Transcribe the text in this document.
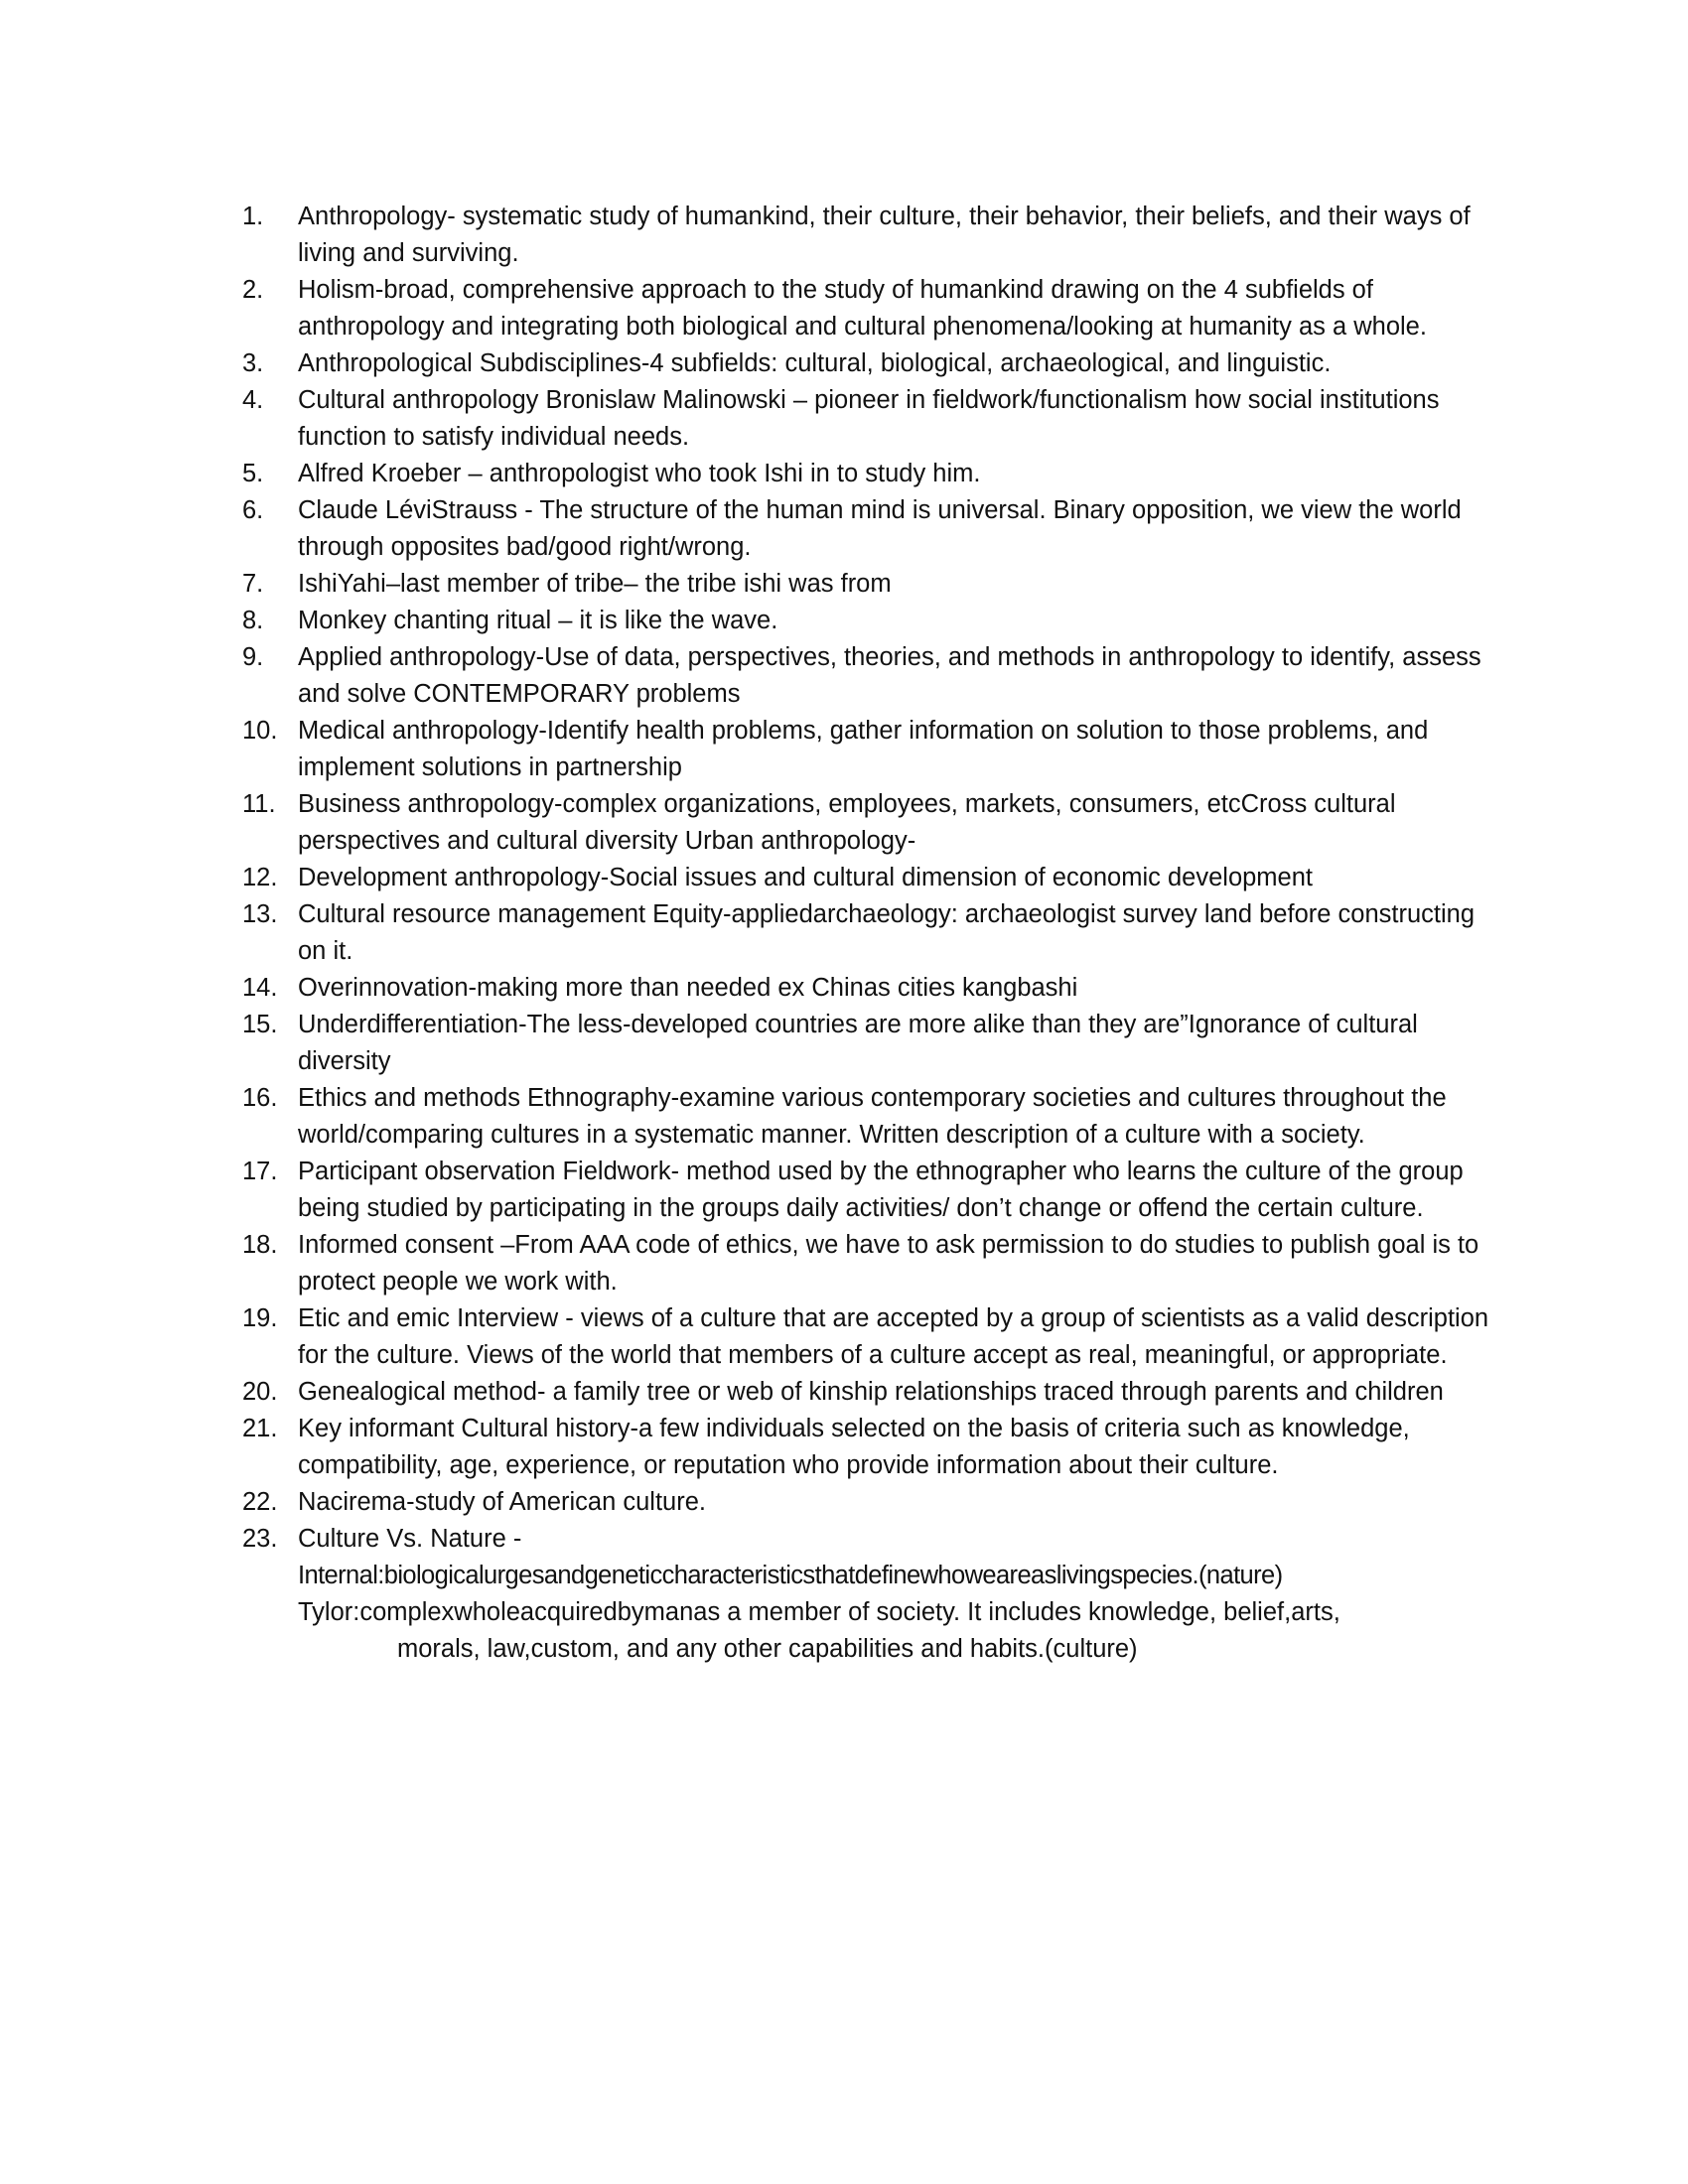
1.	Anthropology- systematic study of humankind, their culture, their behavior, their beliefs, and their ways of living and surviving.
2.	Holism-broad, comprehensive approach to the study of humankind drawing on the 4 subfields of anthropology and integrating both biological and cultural phenomena/looking at humanity as a whole.
3.	Anthropological Subdisciplines-4 subfields: cultural, biological, archaeological, and linguistic.
4.	Cultural anthropology Bronislaw Malinowski – pioneer in fieldwork/functionalism how social institutions function to satisfy individual needs.
5.	Alfred Kroeber – anthropologist who took Ishi in to study him.
6.	Claude LéviStrauss - The structure of the human mind is universal. Binary opposition, we view the world through opposites bad/good right/wrong.
7.	IshiYahi–last member of tribe– the tribe ishi was from
8.	Monkey chanting ritual – it is like the wave.
9.	Applied anthropology-Use of data, perspectives, theories, and methods in anthropology to identify, assess and solve CONTEMPORARY problems
10. Medical anthropology-Identify health problems, gather information on solution to those problems, and implement solutions in partnership
11. Business anthropology-complex organizations, employees, markets, consumers, etcCross cultural perspectives and cultural diversity Urban anthropology-
12. Development anthropology-Social issues and cultural dimension of economic development
13. Cultural resource management Equity-appliedarchaeology: archaeologist survey land before constructing on it.
14. Overinnovation-making more than needed ex Chinas cities kangbashi
15. Underdifferentiation-The less-developed countries are more alike than they are”Ignorance of cultural diversity
16. Ethics and methods Ethnography-examine various contemporary societies and cultures throughout the world/comparing cultures in a systematic manner. Written description of a culture with a society.
17. Participant observation Fieldwork- method used by the ethnographer who learns the culture of the group being studied by participating in the groups daily activities/ don’t change or offend the certain culture.
18. Informed consent –From AAA code of ethics, we have to ask permission to do studies to publish goal is to protect people we work with.
19. Etic and emic Interview - views of a culture that are accepted by a group of scientists as a valid description for the culture. Views of the world that members of a culture accept as real, meaningful, or appropriate.
20. Genealogical method- a family tree or web of kinship relationships traced through parents and children
21. Key informant Cultural history-a few individuals selected on the basis of criteria such as knowledge, compatibility, age, experience, or reputation who provide information about their culture.
22. Nacirema-study of American culture.
23. Culture Vs. Nature -
Internal:biologicalurgesandgeneticcharacteristicsthatdefinewhoweareaslivingspecies.(nature)
Tylor:complexwholeacquiredbymanas a member of society. It includes knowledge, belief,arts,
morals, law,custom, and any other capabilities and habits.(culture)
